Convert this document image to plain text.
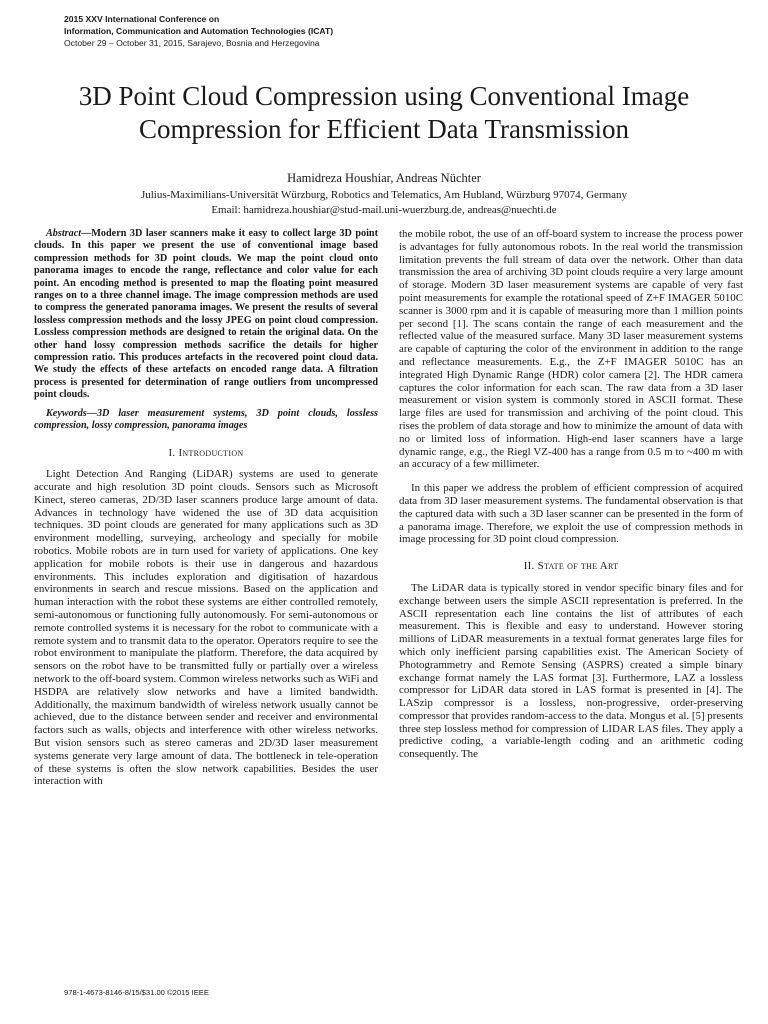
2015 XXV International Conference on
Information, Communication and Automation Technologies (ICAT)
October 29 – October 31, 2015, Sarajevo, Bosnia and Herzegovina
3D Point Cloud Compression using Conventional Image Compression for Efficient Data Transmission
Hamidreza Houshiar, Andreas Nüchter
Julius-Maximilians-Universität Würzburg, Robotics and Telematics, Am Hubland, Würzburg 97074, Germany
Email: hamidreza.houshiar@stud-mail.uni-wuerzburg.de, andreas@nuechti.de

Abstract—Modern 3D laser scanners make it easy to collect large 3D point clouds. In this paper we present the use of conventional image based compression methods for 3D point clouds. We map the point cloud onto panorama images to encode the range, reflectance and color value for each point. An encoding method is presented to map the floating point measured ranges on to a three channel image. The image compression methods are used to compress the generated panorama images. We present the results of several lossless compression methods and the lossy JPEG on point cloud compression. Lossless compression methods are designed to retain the original data. On the other hand lossy compression methods sacrifice the details for higher compression ratio. This produces artefacts in the recovered point cloud data. We study the effects of these artefacts on encoded range data. A filtration process is presented for determination of range outliers from uncompressed point clouds.

Keywords—3D laser measurement systems, 3D point clouds, lossless compression, lossy compression, panorama images

I. Introduction

Light Detection And Ranging (LiDAR) systems are used to generate accurate and high resolution 3D point clouds. Sensors such as Microsoft Kinect, stereo cameras, 2D/3D laser scanners produce large amount of data. Advances in technology have widened the use of 3D data acquisition techniques. 3D point clouds are generated for many applications such as 3D environment modelling, surveying, archeology and specially for mobile robotics. Mobile robots are in turn used for variety of applications. One key application for mobile robots is their use in dangerous and hazardous environments. This includes exploration and digitisation of hazardous environments in search and rescue missions. Based on the application and human interaction with the robot these systems are either controlled remotely, semi-autonomous or functioning fully autonomously. For semi-autonomous or remote controlled systems it is necessary for the robot to communicate with a remote system and to transmit data to the operator. Operators require to see the robot environment to manipulate the platform. Therefore, the data acquired by sensors on the robot have to be transmitted fully or partially over a wireless network to the off-board system. Common wireless networks such as WiFi and HSDPA are relatively slow networks and have a limited bandwidth. Additionally, the maximum bandwidth of wireless network usually cannot be achieved, due to the distance between sender and receiver and environmental factors such as walls, objects and interference with other wireless networks. But vision sensors such as stereo cameras and 2D/3D laser measurement systems generate very large amount of data. The bottleneck in tele-operation of these systems is often the slow network capabilities. Besides the user interaction with

the mobile robot, the use of an off-board system to increase the process power is advantages for fully autonomous robots. In the real world the transmission limitation prevents the full stream of data over the network. Other than data transmission the area of archiving 3D point clouds require a very large amount of storage. Modern 3D laser measurement systems are capable of very fast point measurements for example the rotational speed of Z+F IMAGER 5010C scanner is 3000 rpm and it is capable of measuring more than 1 million points per second [1]. The scans contain the range of each measurement and the reflected value of the measured surface. Many 3D laser measurement systems are capable of capturing the color of the environment in addition to the range and reflectance measurements. E.g., the Z+F IMAGER 5010C has an integrated High Dynamic Range (HDR) color camera [2]. The HDR camera captures the color information for each scan. The raw data from a 3D laser measurement or vision system is commonly stored in ASCII format. These large files are used for transmission and archiving of the point cloud. This rises the problem of data storage and how to minimize the amount of data with no or limited loss of information. High-end laser scanners have a large dynamic range, e.g., the Riegl VZ-400 has a range from 0.5 m to ~400 m with an accuracy of a few millimeter.

In this paper we address the problem of efficient compression of acquired data from 3D laser measurement systems. The fundamental observation is that the captured data with such a 3D laser scanner can be presented in the form of a panorama image. Therefore, we exploit the use of compression methods in image processing for 3D point cloud compression.

II. State of the Art

The LiDAR data is typically stored in vendor specific binary files and for exchange between users the simple ASCII representation is preferred. In the ASCII representation each line contains the list of attributes of each measurement. This is flexible and easy to understand. However storing millions of LiDAR measurements in a textual format generates large files for which only inefficient parsing capabilities exist. The American Society of Photogrammetry and Remote Sensing (ASPRS) created a simple binary exchange format namely the LAS format [3]. Furthermore, LAZ a lossless compressor for LiDAR data stored in LAS format is presented in [4]. The LASzip compressor is a lossless, non-progressive, order-preserving compressor that provides random-access to the data. Mongus et al. [5] presents three step lossless method for compression of LIDAR LAS files. They apply a predictive coding, a variable-length coding and an arithmetic coding consequently. The

978-1-4673-8146-8/15/$31.00 ©2015 IEEE
